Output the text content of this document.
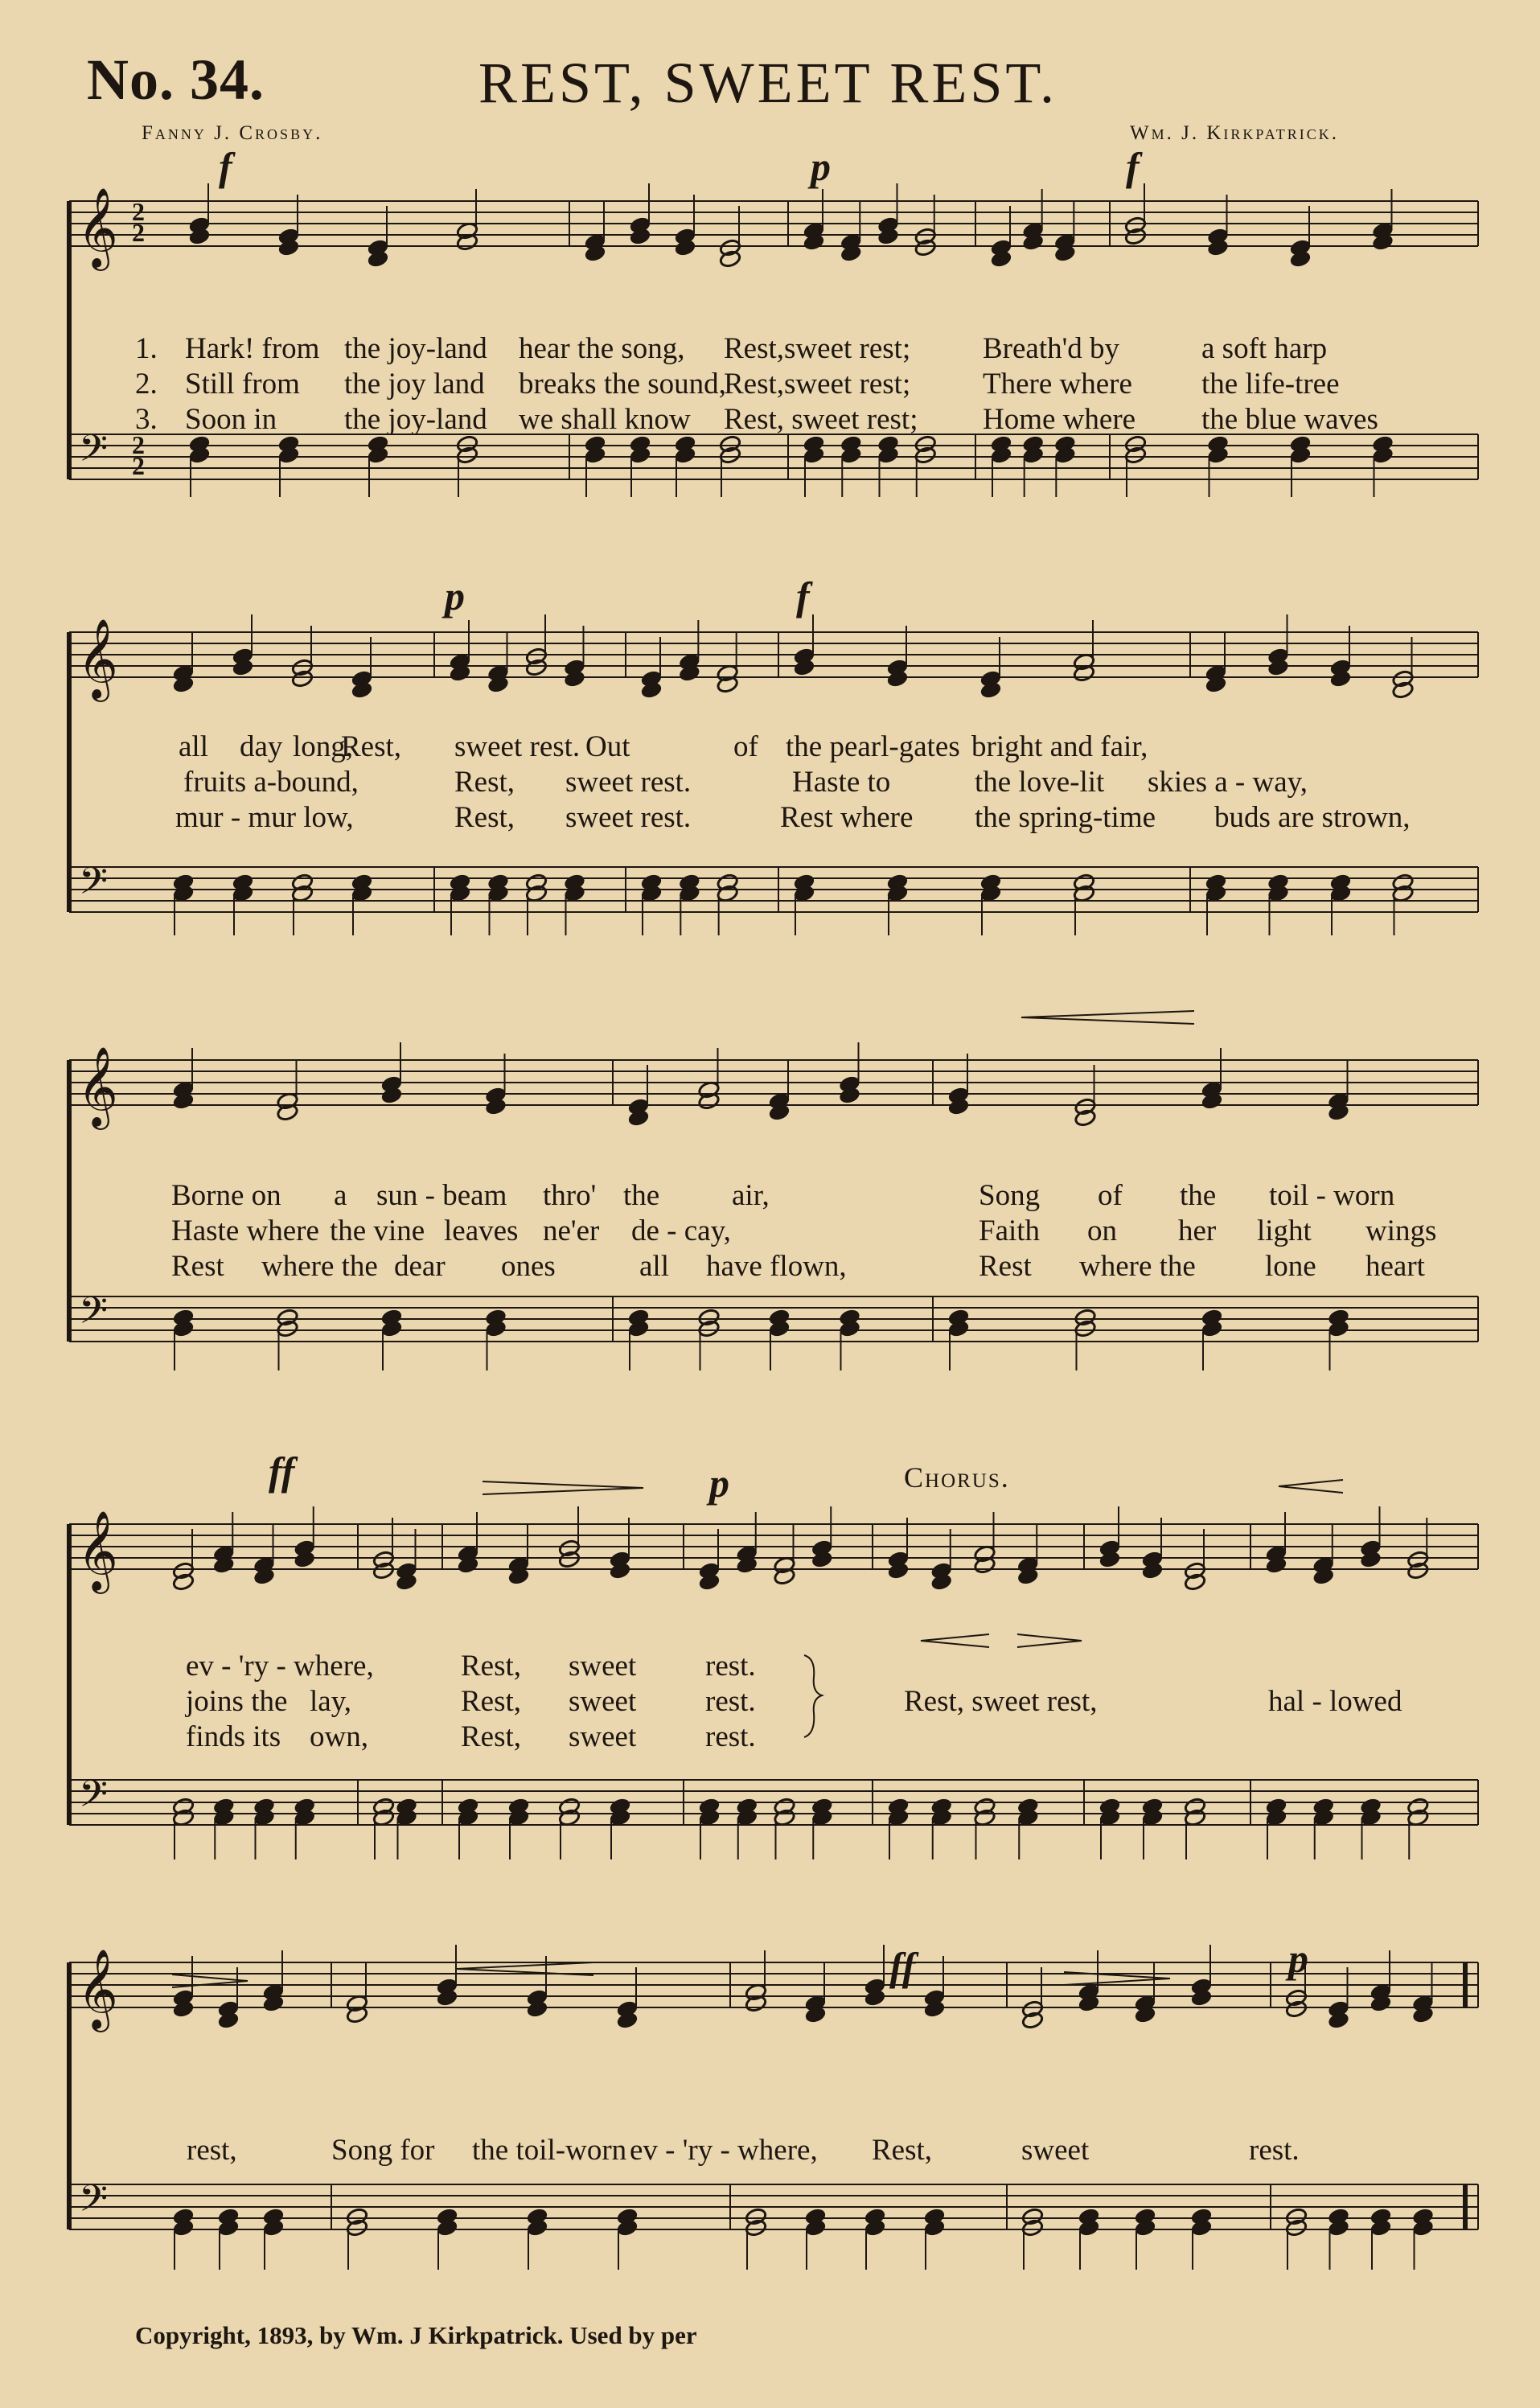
No. 34.	REST, SWEET REST.
Fanny J. Crosby.	Wm. J. Kirkpatrick.
𝄞
𝄢
2
2
2
2
𝄞
𝄢
𝄞
𝄢
𝄞
𝄢
𝄞
𝄢
f	p	f
p	f
ff	p
ff	p
Chorus.
1. Hark! from the joy-land hear the song, Rest,sweet rest; Breath'd by	a soft harp
2. Still from the joy land breaks the sound,
Rest,sweet rest; There where the life-tree
3. Soon in the joy-land we shall know Rest, sweet rest; Home where the blue waves
all day long,
Rest, sweet rest. Out	of the pearl-gates bright and fair,
fruits a-bound,	Rest, sweet rest.	Haste to	the love-lit skies a - way,
mur - mur low,	Rest, sweet rest.	Rest where the spring-time buds are strown,
Borne on a sun - beam thro' the air,	Song of the toil - worn
Haste where the vine leaves ne'er de - cay,	Faith on her light wings
Rest where the dear ones	all have flown,	Rest where the lone heart
ev - 'ry - where,	Rest, sweet rest.
joins the lay,	Rest, sweet rest.
finds its own,	Rest, sweet rest.
Rest, sweet rest,	hal - lowed
rest,	Song for the toil-worn ev - 'ry - where, Rest,	sweet	rest.
Copyright, 1893, by Wm. J Kirkpatrick. Used by per
